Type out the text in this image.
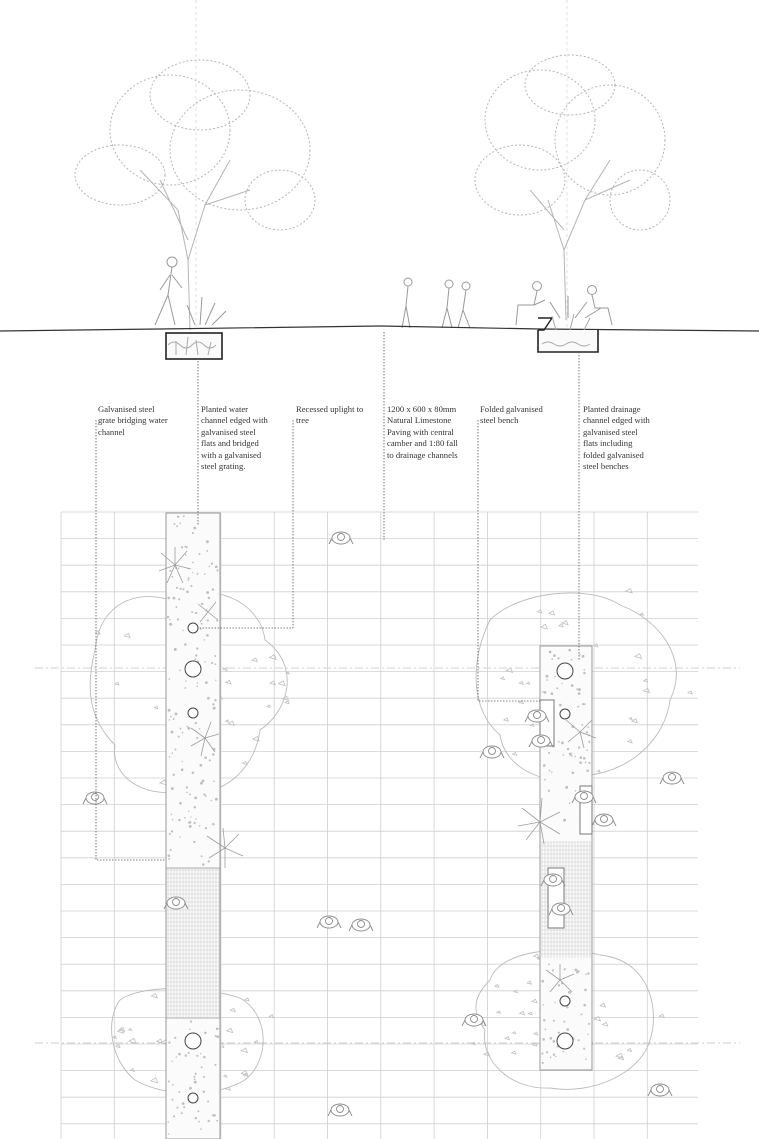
Galvanised steel
grate bridging water
channel
Planted water
channel edged with
galvanised steel
flats and bridged
with a galvanised
steel grating.
Recessed uplight to
tree
1200 x 600 x 80mm
Natural Limestone
Paving with central
camber and 1:80 fall
to drainage channels
Folded galvanised
steel bench
Planted drainage
channel edged with
galvanised steel
flats including
folded galvanised
steel benches
